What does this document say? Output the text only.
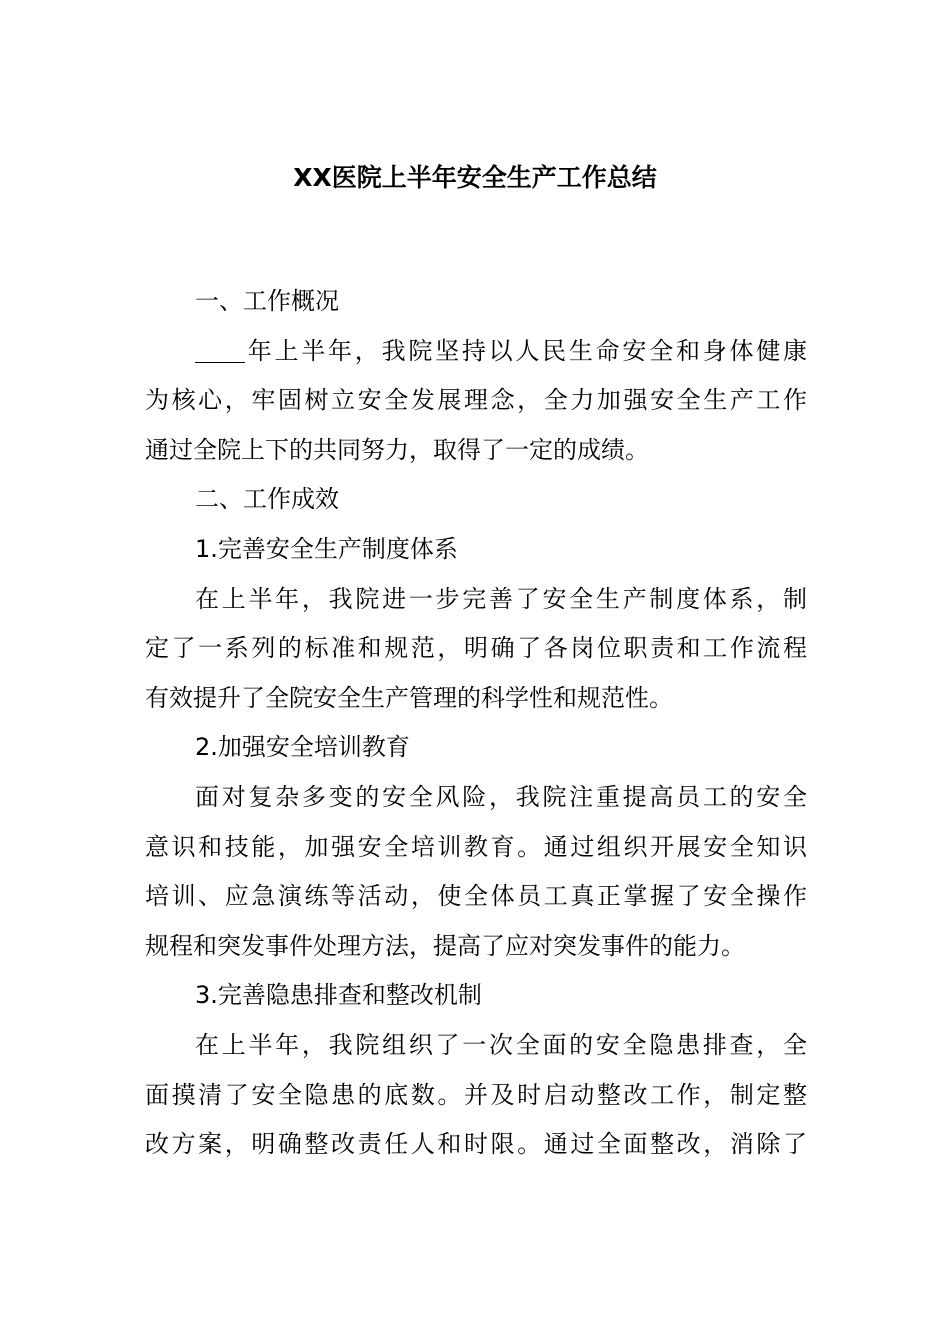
XX医院上半年安全生产工作总结

一、工作概况

年上半年，我院坚持以人民生命安全和身体健康

为核心，牢固树立安全发展理念，全力加强安全生产工作

通过全院上下的共同努力，取得了一定的成绩。

二、工作成效

1.完善安全生产制度体系

在上半年，我院进一步完善了安全生产制度体系，制

定了一系列的标准和规范，明确了各岗位职责和工作流程

有效提升了全院安全生产管理的科学性和规范性。

2.加强安全培训教育

面对复杂多变的安全风险，我院注重提高员工的安全

意识和技能，加强安全培训教育。通过组织开展安全知识

培训、应急演练等活动，使全体员工真正掌握了安全操作

规程和突发事件处理方法，提高了应对突发事件的能力。

3.完善隐患排查和整改机制

在上半年，我院组织了一次全面的安全隐患排查，全

面摸清了安全隐患的底数。并及时启动整改工作，制定整

改方案，明确整改责任人和时限。通过全面整改，消除了
